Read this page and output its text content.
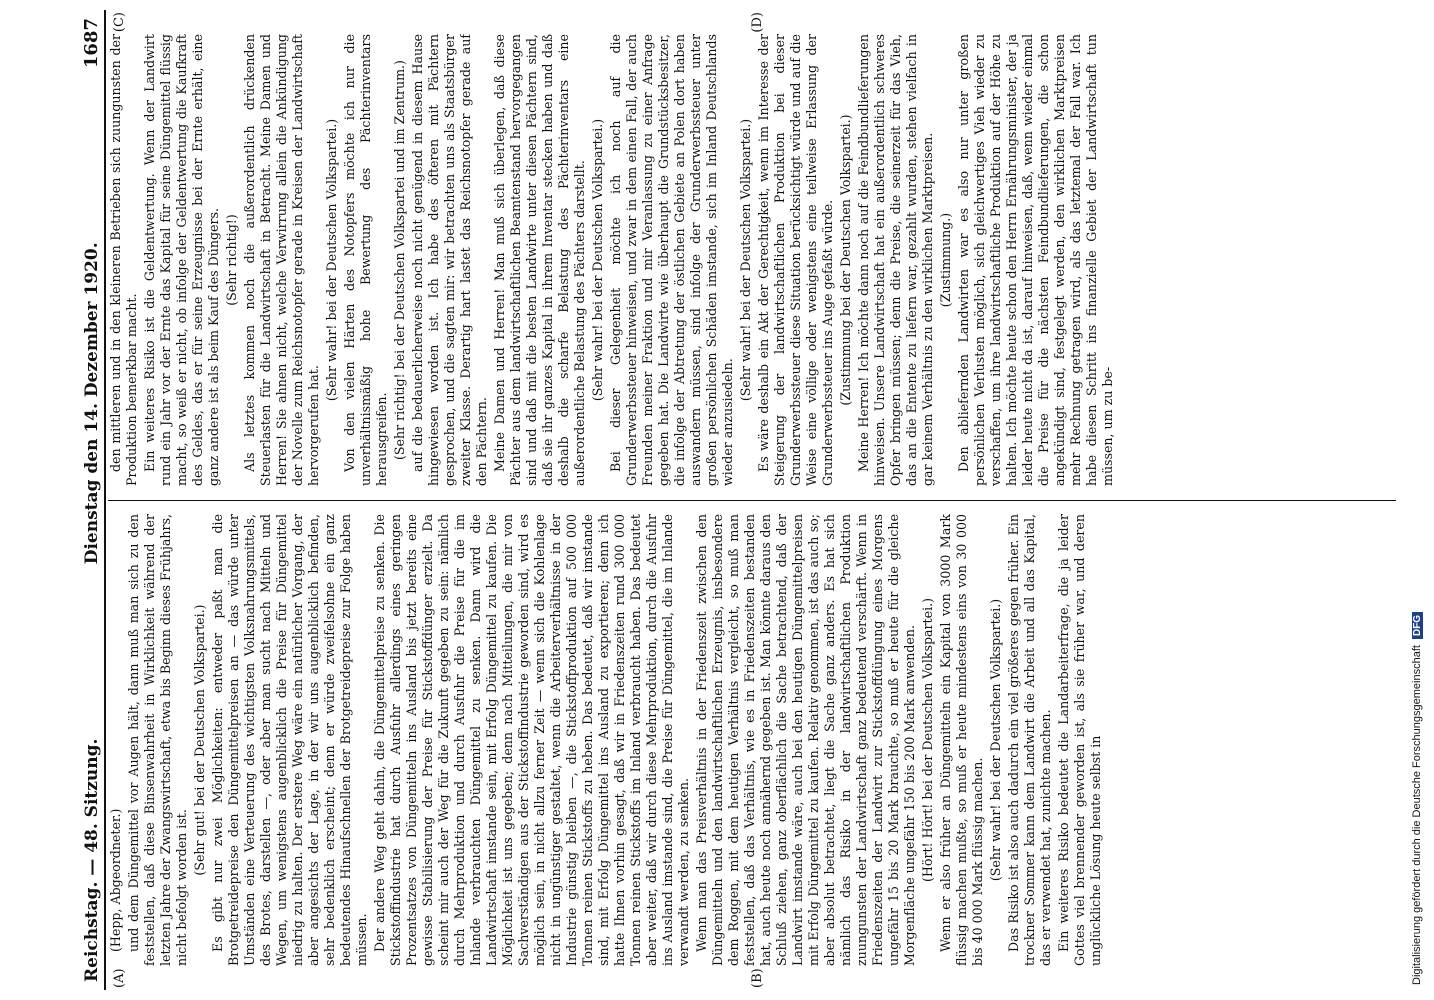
Reichstag. — 48. Sitzung.
Dienstag den 14. Dezember 1920.
1687
(A)	(B)
(C)	(D)

(Hepp, Abgeordneter.) und dem Düngemittel vor Augen hält, dann muß man sich zu den feststellen, daß diese Binsenwahrheit in Wirklichkeit während der letzten Jahre der Zwangswirtschaft, etwa bis Beginn dieses Frühjahrs, nicht befolgt worden ist.

(Sehr gut! bei der Deutschen Volkspartei.) Es gibt nur zwei Möglichkeiten: entweder paßt man die Brotgetreidepreise den Düngemittelpreisen an — das würde unter Umständen eine Verteuerung des wichtigsten Volksnahrungsmittels, des Brotes, darstellen —, oder aber man sucht nach Mitteln und Wegen, um wenigstens augenblicklich die Preise für Düngemittel niedrig zu halten. Der erstere Weg wäre ein natürlicher Vorgang, der aber angesichts der Lage, in der wir uns augenblicklich befinden, sehr bedenklich erscheint; denn er würde zweifelsohne ein ganz bedeutendes Hinaufschnellen der Brotgetreidepreise zur Folge haben müssen. Der andere Weg geht dahin, die Düngemittelpreise zu senken. Die Stickstoffindustrie hat durch Ausfuhr allerdings eines geringen Prozentsatzes von Düngemitteln ins Ausland bis jetzt bereits eine gewisse Stabilisierung der Preise für Stickstoffdünger erzielt. Da scheint mir auch der Weg für die Zukunft gegeben zu sein: nämlich durch Mehrproduktion und durch Ausfuhr die Preise für die im Inlande verbrauchten Düngemittel zu senken. Dann wird die Landwirtschaft imstande sein, mit Erfolg Düngemittel zu kaufen. Die Möglichkeit ist uns gegeben; denn nach Mitteilungen, die mir von Sachverständigen aus der Stickstoffindustrie geworden sind, wird es möglich sein, in nicht allzu ferner Zeit — wenn sich die Kohlenlage nicht in ungünstiger gestaltet, wenn die Arbeiterverhältnisse in der Industrie günstig bleiben —, die Stickstoffproduktion auf 500 000 Tonnen reinen Stickstoffs zu heben. Das bedeutet, daß wir imstande sind, mit Erfolg Düngemittel ins Ausland zu exportieren; denn ich hatte Ihnen vorhin gesagt, daß wir in Friedenszeiten rund 300 000 Tonnen reinen Stickstoffs im Inland verbraucht haben. Das bedeutet aber weiter, daß wir durch diese Mehrproduktion, durch die Ausfuhr ins Ausland imstande sind, die Preise für Düngemittel, die im Inlande verwandt werden, zu senken. Wenn man das Preisverhältnis in der Friedenszeit zwischen den Düngemitteln und den landwirtschaftlichen Erzeugnis, insbesondere dem Roggen, mit dem heutigen Verhältnis vergleicht, so muß man feststellen, daß das Verhältnis, wie es in Friedenszeiten bestanden hat, auch heute noch annähernd gegeben ist. Man könnte daraus den Schluß ziehen, ganz oberflächlich die Sache betrachtend, daß der Landwirt imstande wäre, auch bei den heutigen Düngemittelpreisen mit Erfolg Düngemittel zu kaufen. Relativ genommen, ist das auch so; aber absolut betrachtet, liegt die Sache ganz anders. Es hat sich nämlich das Risiko in der landwirtschaftlichen Produktion zuungunsten der Landwirtschaft ganz bedeutend verschärft. Wenn in Friedenszeiten der Landwirt zur Stickstoffdüngung eines Morgens ungefähr 15 bis 20 Mark brauchte, so muß er heute für die gleiche Morgenfläche ungefähr 150 bis 200 Mark anwenden. (Hört! Hört! bei der Deutschen Volkspartei.) Wenn er also früher an Düngemitteln ein Kapital von 3000 Mark flüssig machen mußte, so muß er heute mindestens eins von 30 000 bis 40 000 Mark flüssig machen. (Sehr wahr! bei der Deutschen Volkspartei.) Das Risiko ist also auch dadurch ein viel größeres gegen früher. Ein trockner Sommer kann dem Landwirt die Arbeit und all das Kapital, das er verwendet hat, zunichte machen. Ein weiteres Risiko bedeutet die Landarbeiterfrage, die ja leider Gottes viel brennender geworden ist, als sie früher war, und deren unglückliche Lösung heute selbst in

den mittleren und in den kleineren Betrieben sich zuungunsten der Produktion bemerkbar macht. Ein weiteres Risiko ist die Geldentwertung. Wenn der Landwirt rund ein Jahr vor der Ernte das Kapital für seine Düngemittel flüssig macht, so weiß er nicht, ob infolge der Geldentwertung die Kaufkraft des Geldes, das er für seine Erzeugnisse bei der Ernte erhält, eine ganz andere ist als beim Kauf des Düngers. (Sehr richtig!) Als letztes kommen noch die außerordentlich drückenden Steuerlasten für die Landwirtschaft in Betracht. Meine Damen und Herren! Sie ahnen nicht, welche Verwirrung allein die Ankündigung der Novelle zum Reichsnotopfer gerade in Kreisen der Landwirtschaft hervorgerufen hat.

(Sehr wahr! bei der Deutschen Volkspartei.) Von den vielen Härten des Notopfers möchte ich nur die unverhältnismäßig hohe Bewertung des Pächterinventars herausgreifen. (Sehr richtig! bei der Deutschen Volkspartei und im Zentrum.) auf die bedauerlicherweise noch nicht genügend in diesem Hause hingewiesen worden ist. Ich habe des öfteren mit Pächtern gesprochen, und die sagten mir: wir betrachten uns als Staatsbürger zweiter Klasse. Derartig hart lastet das Reichsnotopfer gerade auf den Pächtern. Meine Damen und Herren! Man muß sich überlegen, daß diese Pächter aus dem landwirtschaftlichen Beamtenstand hervorgegangen sind und daß mit die besten Landwirte unter diesen Pächtern sind, daß sie ihr ganzes Kapital in ihrem Inventar stecken haben und daß deshalb die scharfe Belastung des Pächterinventars eine außerordentliche Belastung des Pächters darstellt. (Sehr wahr! bei der Deutschen Volkspartei.) Bei dieser Gelegenheit möchte ich noch auf die Grunderwerbssteuer hinweisen, und zwar in dem einen Fall, der auch Freunden meiner Fraktion und mir Veranlassung zu einer Anfrage gegeben hat. Die Landwirte wie überhaupt die Grundstücksbesitzer, die infolge der Abtretung der östlichen Gebiete an Polen dort haben auswandern müssen, sind infolge der Grunderwerbssteuer unter großen persönlichen Schäden imstande, sich im Inland Deutschlands wieder anzusiedeln.

(Sehr wahr! bei der Deutschen Volkspartei.) Es wäre deshalb ein Akt der Gerechtigkeit, wenn im Interesse der Steigerung der landwirtschaftlichen Produktion bei dieser Grunderwerbssteuer diese Situation berücksichtigt würde und auf die Weise eine völlige oder wenigstens eine teilweise Erlassung der Grunderwerbssteuer ins Auge gefaßt würde. (Zustimmung bei der Deutschen Volkspartei.) Meine Herren! Ich möchte dann noch auf die Feindbundlieferungen hinweisen. Unsere Landwirtschaft hat ein außerordentlich schweres Opfer bringen müssen; denn die Preise, die seinerzeit für das Vieh, das an die Entente zu liefern war, gezahlt wurden, stehen vielfach in gar keinem Verhältnis zu den wirklichen Marktpreisen. (Zustimmung.) Den abliefernden Landwirten war es also nur unter großen persönlichen Verlusten möglich, sich gleichwertiges Vieh wieder zu verschaffen, um ihre landwirtschaftliche Produktion auf der Höhe zu halten. Ich möchte heute schon den Herrn Ernährungsminister, der ja leider heute nicht da ist, darauf hinweisen, daß, wenn wieder einmal die Preise für die nächsten Feindbundlieferungen, die schon angekündigt sind, festgelegt werden, den wirklichen Marktpreisen mehr Rechnung getragen wird, als das letztemal der Fall war. Ich habe diesen Schritt ins finanzielle Gebiet der Landwirtschaft tun müssen, um zu be-

Digitalisierung gefördert durch die Deutsche Forschungsgemeinschaft
DFG
